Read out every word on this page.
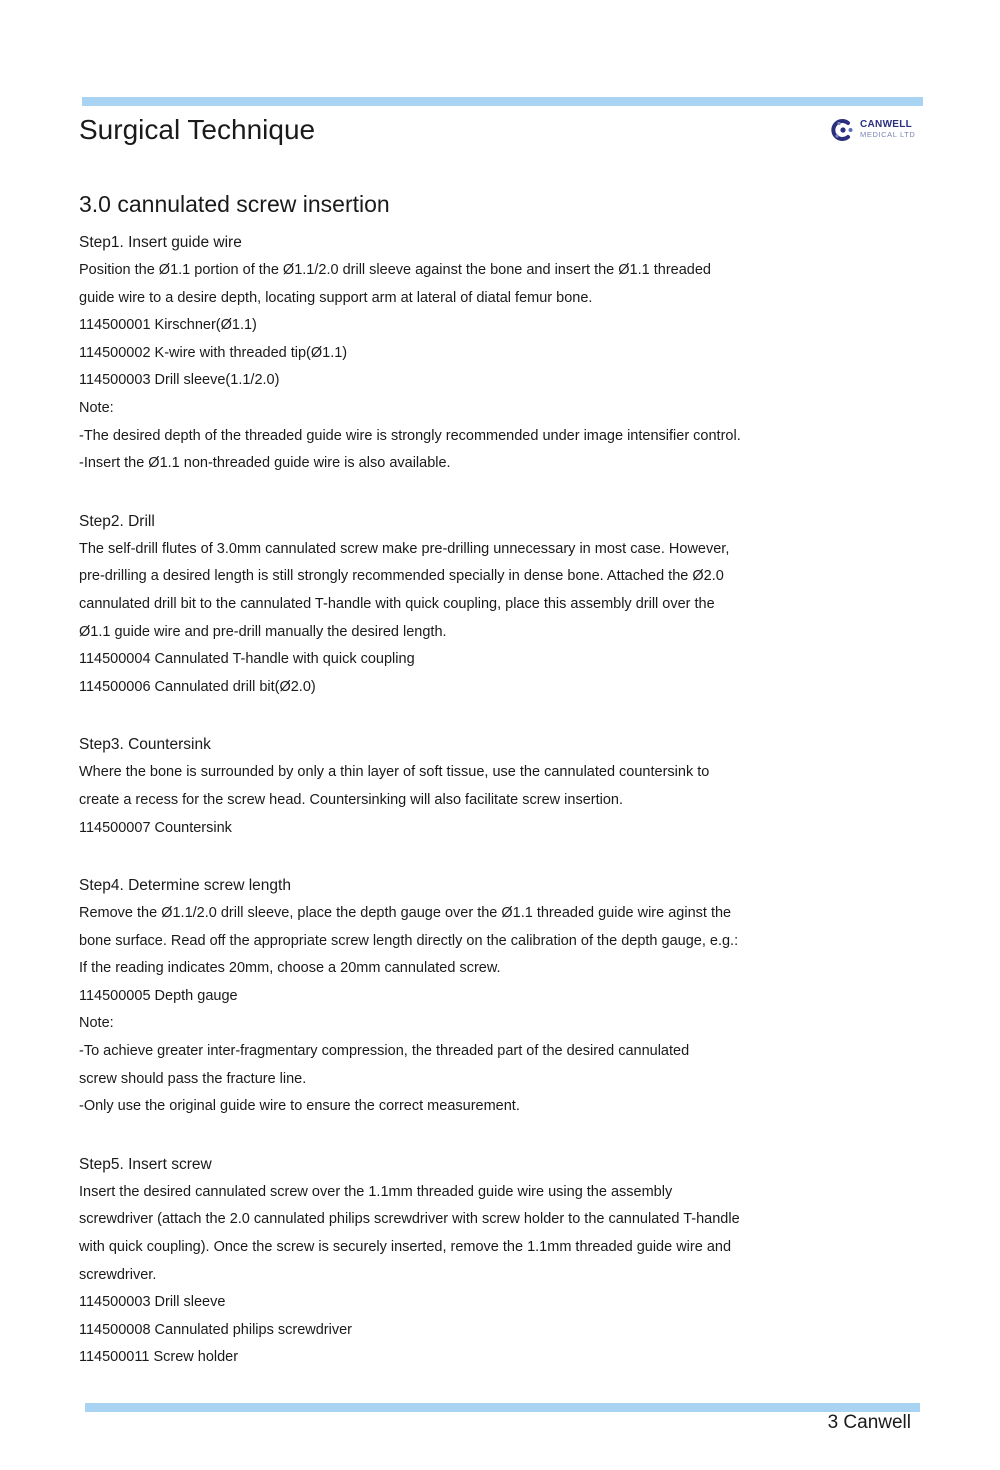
Surgical Technique	CANWELL
MEDICAL LTD
3.0 cannulated screw insertion

Step1. Insert guide wire

Position the Ø1.1 portion of the Ø1.1/2.0 drill sleeve against the bone and insert the Ø1.1 threaded

guide wire to a desire depth, locating support arm at lateral of diatal femur bone.

114500001 Kirschner(Ø1.1)

114500002 K-wire with threaded tip(Ø1.1)

114500003 Drill sleeve(1.1/2.0)

Note:

-The desired depth of the threaded guide wire is strongly recommended under image intensifier control.

-Insert the Ø1.1 non-threaded guide wire is also available.

Step2. Drill

The self-drill flutes of 3.0mm cannulated screw make pre-drilling unnecessary in most case. However,

pre-drilling a desired length is still strongly recommended specially in dense bone. Attached the Ø2.0

cannulated drill bit to the cannulated T-handle with quick coupling, place this assembly drill over the

Ø1.1 guide wire and pre-drill manually the desired length.

114500004 Cannulated T-handle with quick coupling

114500006 Cannulated drill bit(Ø2.0)

Step3. Countersink

Where the bone is surrounded by only a thin layer of soft tissue, use the cannulated countersink to

create a recess for the screw head. Countersinking will also facilitate screw insertion.

114500007 Countersink

Step4. Determine screw length

Remove the Ø1.1/2.0 drill sleeve, place the depth gauge over the Ø1.1 threaded guide wire aginst the

bone surface. Read off the appropriate screw length directly on the calibration of the depth gauge, e.g.:

If the reading indicates 20mm, choose a 20mm cannulated screw.

114500005 Depth gauge

Note:

-To achieve greater inter-fragmentary compression, the threaded part of the desired cannulated

screw should pass the fracture line.

-Only use the original guide wire to ensure the correct measurement.

Step5. Insert screw

Insert the desired cannulated screw over the 1.1mm threaded guide wire using the assembly

screwdriver (attach the 2.0 cannulated philips screwdriver with screw holder to the cannulated T-handle

with quick coupling). Once the screw is securely inserted, remove the 1.1mm threaded guide wire and

screwdriver.

114500003 Drill sleeve

114500008 Cannulated philips screwdriver

114500011 Screw holder

3 Canwell
